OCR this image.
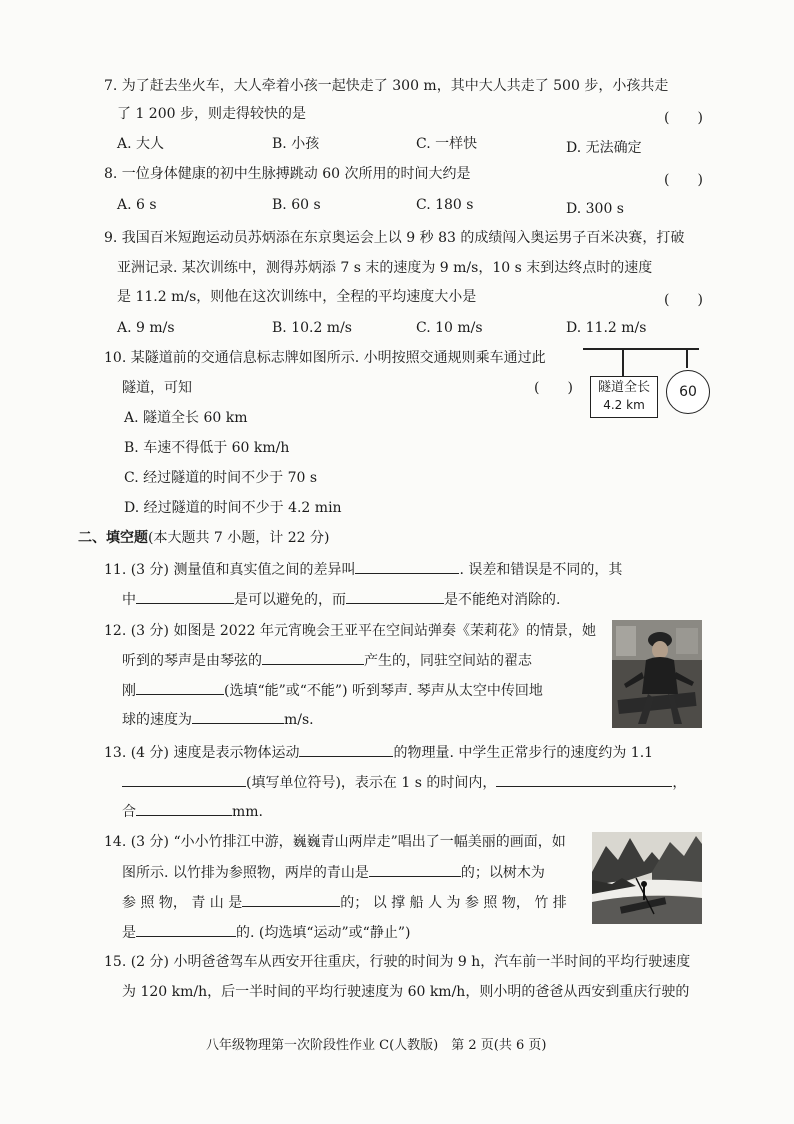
7. 为了赶去坐火车，大人牵着小孩一起快走了 300 m，其中大人共走了 500 步，小孩共走
了 1 200 步，则走得较快的是	(　　)
A. 大人	B. 小孩	C. 一样快	D. 无法确定
8. 一位身体健康的初中生脉搏跳动 60 次所用的时间大约是	(　　)
A. 6 s	B. 60 s	C. 180 s	D. 300 s
9. 我国百米短跑运动员苏炳添在东京奥运会上以 9 秒 83 的成绩闯入奥运男子百米决赛，打破
亚洲记录. 某次训练中，测得苏炳添 7 s 末的速度为 9 m/s，10 s 末到达终点时的速度
是 11.2 m/s，则他在这次训练中，全程的平均速度大小是	(　　)
A. 9 m/s	B. 10.2 m/s	C. 10 m/s	D. 11.2 m/s
10. 某隧道前的交通信息标志牌如图所示. 小明按照交通规则乘车通过此
隧道，可知	(　　)
A. 隧道全长 60 km
B. 车速不得低于 60 km/h
C. 经过隧道的时间不少于 70 s
D. 经过隧道的时间不少于 4.2 min
隧道全长
4.2 km
60
二、填空题(本大题共 7 小题，计 22 分)
11. (3 分) 测量值和真实值之间的差异叫	. 误差和错误是不同的，其
中	是可以避免的，而	是不能绝对消除的.
12. (3 分) 如图是 2022 年元宵晚会王亚平在空间站弹奏《茉莉花》的情景，她
听到的琴声是由琴弦的	产生的，同驻空间站的翟志
刚	(选填“能”或“不能”) 听到琴声. 琴声从太空中传回地
球的速度为	m/s.
13. (4 分) 速度是表示物体运动	的物理量. 中学生正常步行的速度约为 1.1
(填写单位符号)，表示在 1 s 的时间内，	，
合	mm.
14. (3 分) “小小竹排江中游，巍巍青山两岸走”唱出了一幅美丽的画面，如
图所示. 以竹排为参照物，两岸的青山是	的；以树木为
参 照 物， 青 山 是	的； 以 撑 船 人 为 参 照 物， 竹 排
是	的. (均选填“运动”或“静止”)
15. (2 分) 小明爸爸驾车从西安开往重庆，行驶的时间为 9 h，汽车前一半时间的平均行驶速度
为 120 km/h，后一半时间的平均行驶速度为 60 km/h，则小明的爸爸从西安到重庆行驶的
八年级物理第一次阶段性作业 C(人教版)　第 2 页(共 6 页)
